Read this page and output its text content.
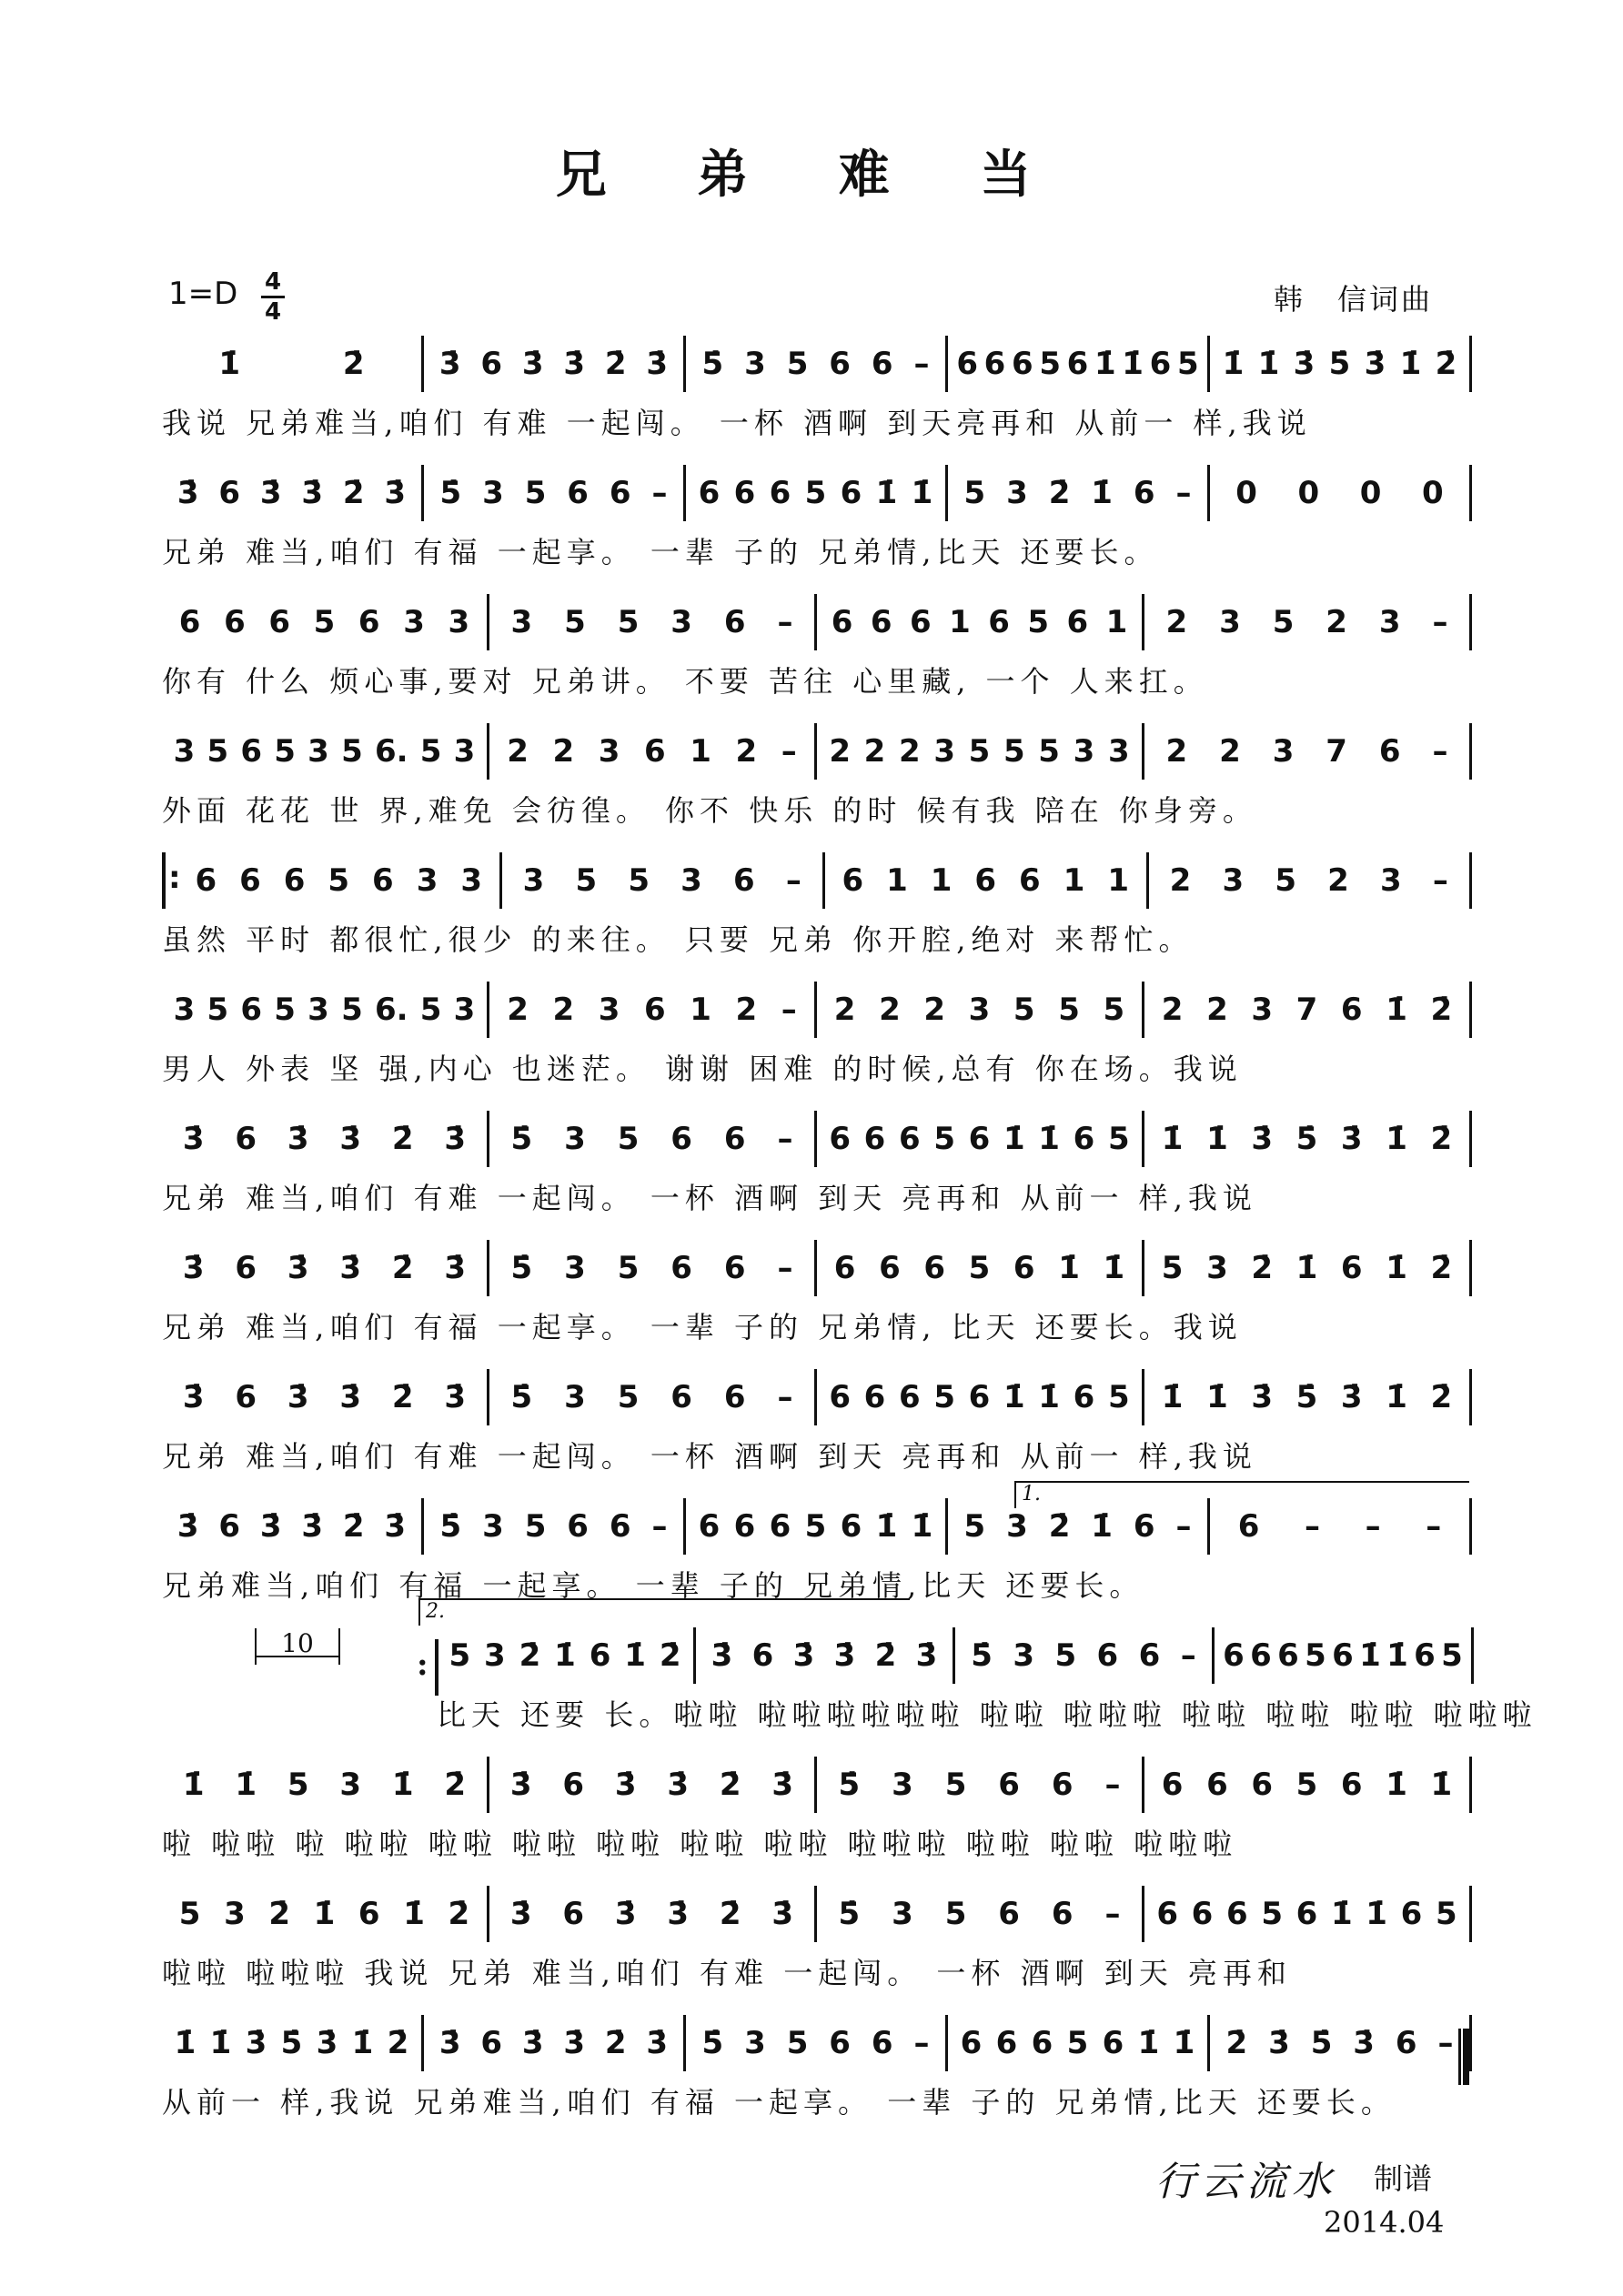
兄 弟 难 当
1=D 4
4	韩　信词曲
1̇	2̇ 3̇ 6 3̇ 3̇ 2̇ 3̇ 5̇ 3 5 6 6 – 6 6 6 5 6 1̇ 1̇ 6 5 1̇ 1̇ 3̇ 5̇ 3̇ 1̇ 2̇
我说 兄弟难当,咱们 有难 一起闯。 一杯 酒啊 到天亮再和 从前一 样,我说
3̇ 6 3̇ 3̇ 2̇ 3̇ 5̇ 3 5 6 6 – 6 6 6 5 6 1̇ 1̇ 5 3 2̇ 1̇ 6 – 0 0 0 0
兄弟 难当,咱们 有福 一起享。 一辈 子的 兄弟情,比天 还要长。
6 6 6 5 6 3 3 3 5 5 3 6 – 6 6 6 1 6 5 6 1 2 3 5 2 3 –
你有 什么 烦心事,要对 兄弟讲。 不要 苦往 心里藏, 一个 人来扛。
3 5 6 5 3 5 6. 5 3 2 2 3 6 1 2 – 2 2 2 3 5 5 5 3 3 2 2 3 7 6 –
外面 花花 世 界,难免 会彷徨。 你不 快乐 的时 候有我 陪在 你身旁。
:
6 6 6 5 6 3 3 3 5 5 3 6 – 6 1 1 6 6 1 1 2 3 5 2 3 –
虽然 平时 都很忙,很少 的来往。 只要 兄弟 你开腔,绝对 来帮忙。
3 5 6 5 3 5 6. 5 3 2 2 3 6 1 2 – 2 2 2 3 5 5 5 2 2 3 7 6 1̇ 2̇
男人 外表 坚 强,内心 也迷茫。 谢谢 困难 的时候,总有 你在场。我说
3̇ 6 3̇ 3̇ 2̇ 3̇ 5̇ 3 5 6 6 – 6 6 6 5 6 1̇ 1̇ 6 5 1̇ 1̇ 3̇ 5̇ 3̇ 1̇ 2̇
兄弟 难当,咱们 有难 一起闯。 一杯 酒啊 到天 亮再和 从前一 样,我说
3̇ 6 3̇ 3̇ 2̇ 3̇ 5̇ 3 5 6 6 – 6 6 6 5 6 1̇ 1̇ 5 3 2̇ 1̇ 6 1̇ 2̇
兄弟 难当,咱们 有福 一起享。 一辈 子的 兄弟情, 比天 还要长。我说
3̇ 6 3̇ 3̇ 2̇ 3̇ 5̇ 3 5 6 6 – 6 6 6 5 6 1̇ 1̇ 6 5 1̇ 1̇ 3̇ 5̇ 3̇ 1̇ 2̇
兄弟 难当,咱们 有难 一起闯。 一杯 酒啊 到天 亮再和 从前一 样,我说
3̇ 6 3̇ 3̇ 2̇ 3̇ 5̇ 3 5 6 6 – 6 6 6 5 6 1̇ 1̇ 5 3 2̇ 1̇ 6 – 6 – – –
兄弟难当,咱们 有福 一起享。 一辈 子的 兄弟情,比天 还要长。
5 3 2̇ 1̇ 6 1̇ 2̇ 3̇ 6 3̇ 3̇ 2̇ 3̇ 5̇ 3 5 6 6 – 6 6 6 5 6 1̇ 1̇ 6 5
比天 还要 长。啦啦 啦啦啦啦啦啦 啦啦 啦啦啦 啦啦 啦啦 啦啦 啦啦啦
1̇ 1̇ 5 3 1̇ 2̇ 3̇ 6 3̇ 3̇ 2̇ 3̇ 5̇ 3 5 6 6 – 6 6 6 5 6 1̇ 1̇
啦 啦啦 啦 啦啦 啦啦 啦啦 啦啦 啦啦 啦啦 啦啦啦 啦啦 啦啦 啦啦啦
5 3 2̇ 1̇ 6 1̇ 2̇ 3̇ 6 3̇ 3̇ 2̇ 3̇ 5̇ 3 5 6 6 – 6 6 6 5 6 1̇ 1̇ 6 5
啦啦 啦啦啦 我说 兄弟 难当,咱们 有难 一起闯。 一杯 酒啊 到天 亮再和
1̇ 1̇ 3̇ 5̇ 3̇ 1̇ 2̇ 3̇ 6 3̇ 3̇ 2̇ 3̇ 5̇ 3 5 6 6 – 6 6 6 5 6 1̇ 1̇ 2̇ 3̇ 5̇ 3̇ 6 –
从前一 样,我说 兄弟难当,咱们 有福 一起享。 一辈 子的 兄弟情,比天 还要长。
1.
2.
10
:
行云流水 制谱
2014.04
